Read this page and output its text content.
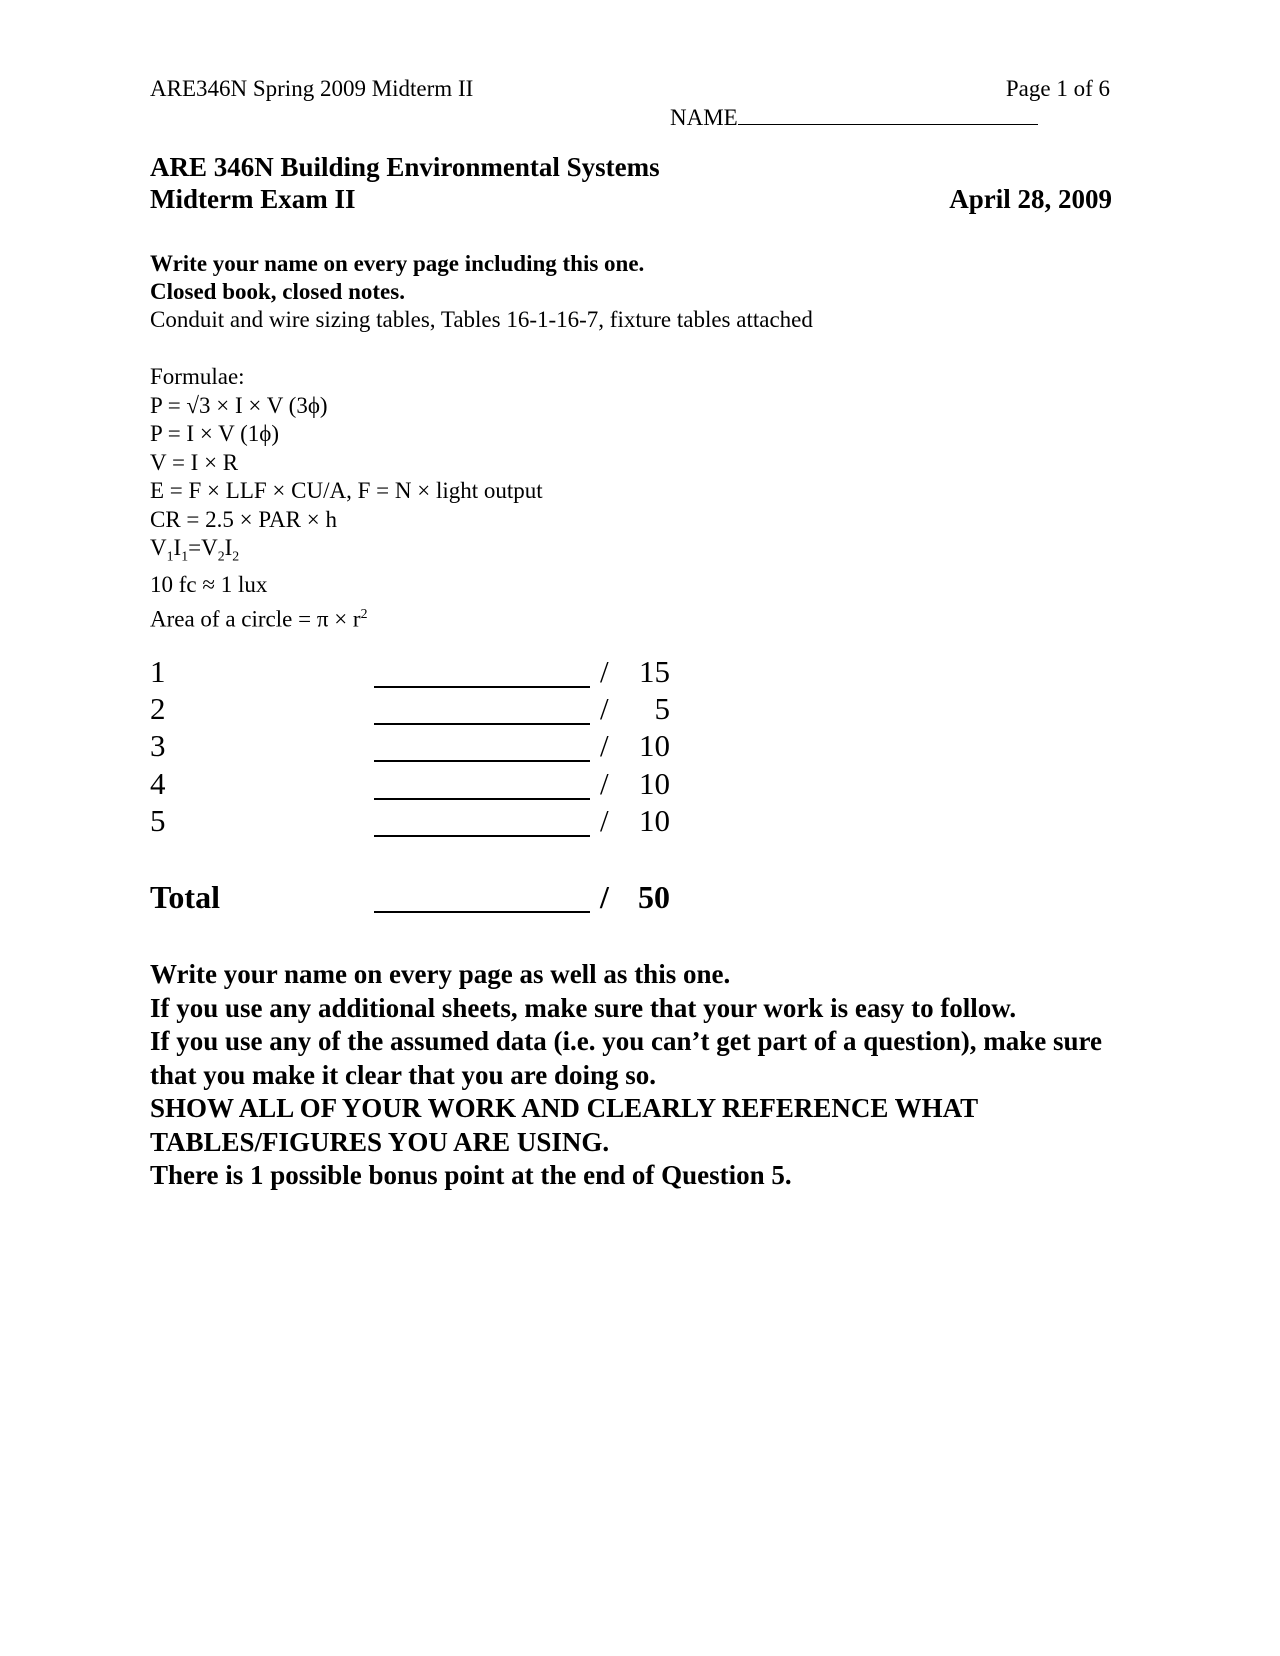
ARE346N Spring 2009 Midterm II	Page 1 of 6
NAME
ARE 346N Building Environmental Systems
Midterm Exam II	April 28, 2009
Write your name on every page including this one.
Closed book, closed notes.
Conduit and wire sizing tables, Tables 16-1-16-7, fixture tables attached
Formulae:
P = √3 × I × V (3ϕ)
P = I × V (1ϕ)
V = I × R
E = F × LLF × CU/A, F = N × light output
CR = 2.5 × PAR × h
$V_1I_1=V_2I_2$
10 fc ≈ 1 lux
Area of a circle = $\pi \times r^2$
1	/ 15
2	/	5
3	/ 10
4	/ 10
5	/ 10
Total	/ 50
Write your name on every page as well as this one.
If you use any additional sheets, make sure that your work is easy to follow.
If you use any of the assumed data (i.e. you can’t get part of a question), make sure that you make it clear that you are doing so.
SHOW ALL OF YOUR WORK AND CLEARLY REFERENCE WHAT TABLES/FIGURES YOU ARE USING.
There is 1 possible bonus point at the end of Question 5.
